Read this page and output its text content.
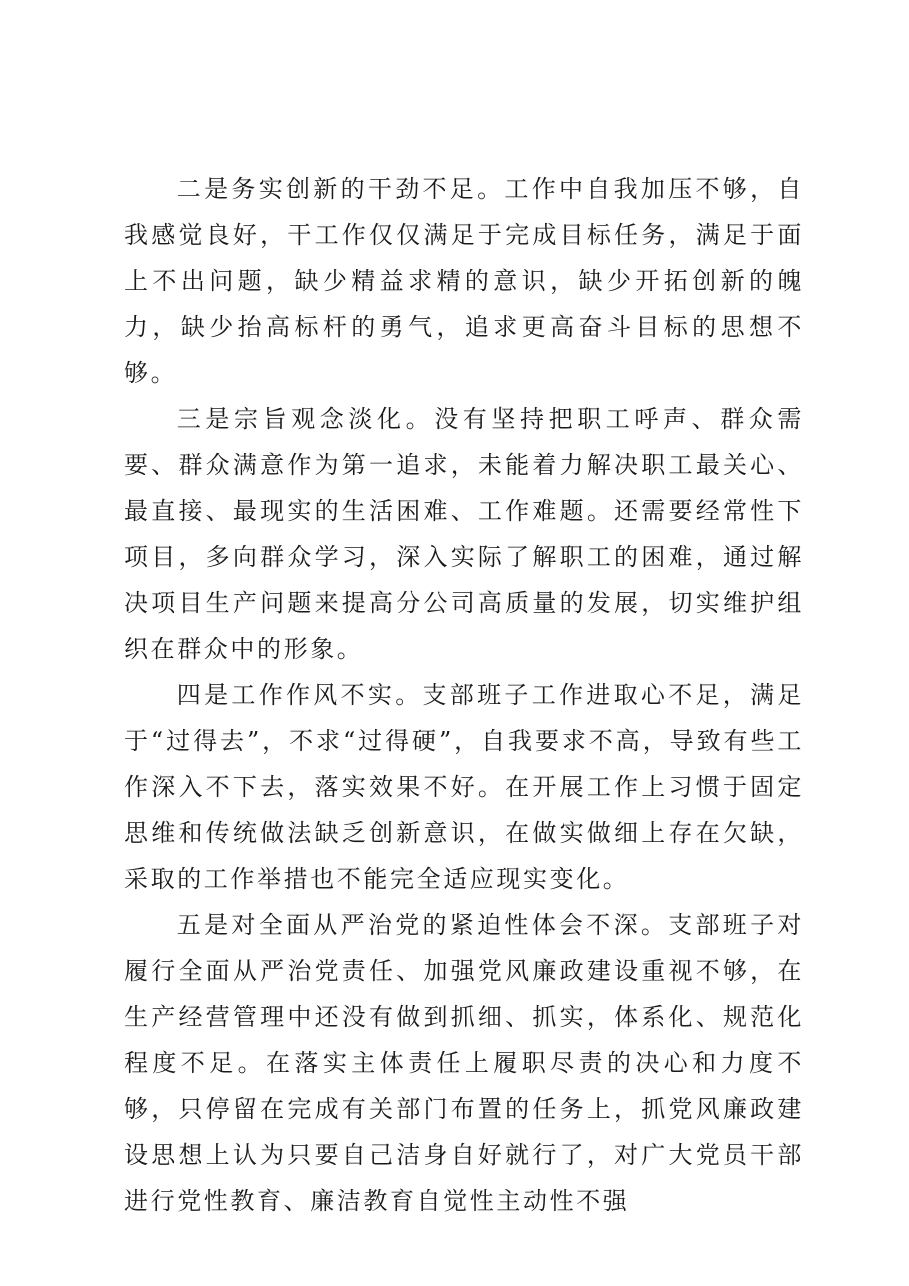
二是务实创新的干劲不足。工作中自我加压不够，自我感觉良好，干工作仅仅满足于完成目标任务，满足于面上不出问题，缺少精益求精的意识，缺少开拓创新的魄力，缺少抬高标杆的勇气，追求更高奋斗目标的思想不够。

三是宗旨观念淡化。没有坚持把职工呼声、群众需要、群众满意作为第一追求，未能着力解决职工最关心、最直接、最现实的生活困难、工作难题。还需要经常性下项目，多向群众学习，深入实际了解职工的困难，通过解决项目生产问题来提高分公司高质量的发展，切实维护组织在群众中的形象。

四是工作作风不实。支部班子工作进取心不足，满足于“过得去”，不求“过得硬”，自我要求不高，导致有些工作深入不下去，落实效果不好。在开展工作上习惯于固定思维和传统做法缺乏创新意识，在做实做细上存在欠缺，采取的工作举措也不能完全适应现实变化。

五是对全面从严治党的紧迫性体会不深。支部班子对履行全面从严治党责任、加强党风廉政建设重视不够，在生产经营管理中还没有做到抓细、抓实，体系化、规范化程度不足。在落实主体责任上履职尽责的决心和力度不够，只停留在完成有关部门布置的任务上，抓党风廉政建设思想上认为只要自己洁身自好就行了，对广大党员干部进行党性教育、廉洁教育自觉性主动性不强
